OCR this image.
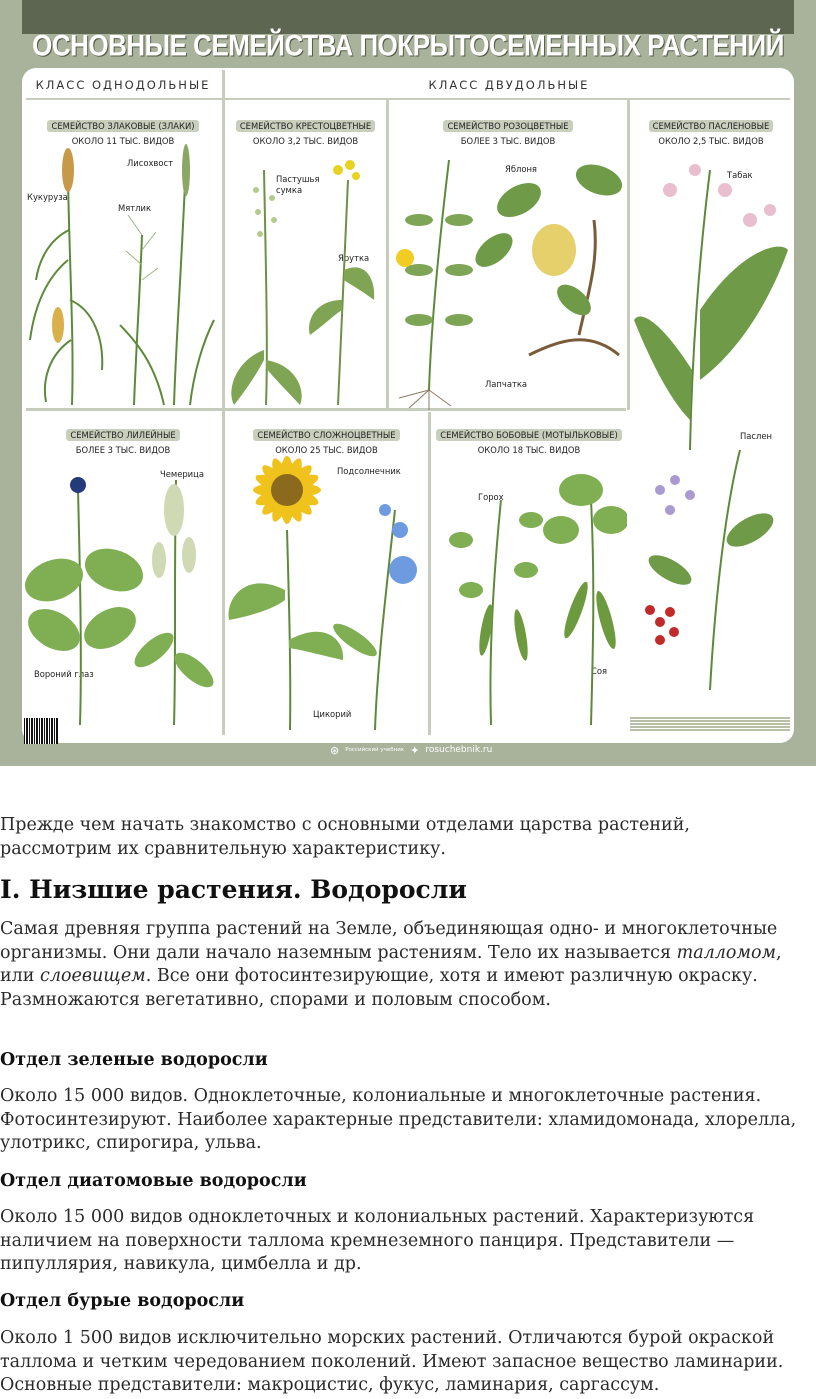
ОСНОВНЫЕ СЕМЕЙСТВА ПОКРЫТОСЕМЕННЫХ РАСТЕНИЙ
КЛАСС ОДНОДОЛЬНЫЕ	КЛАСС ДВУДОЛЬНЫЕ
СЕМЕЙСТВО ЗЛАКОВЫЕ (ЗЛАКИ)
ОКОЛО 11 ТЫС. ВИДОВ
СЕМЕЙСТВО КРЕСТОЦВЕТНЫЕ
ОКОЛО 3,2 ТЫС. ВИДОВ
СЕМЕЙСТВО РОЗОЦВЕТНЫЕ
БОЛЕЕ 3 ТЫС. ВИДОВ
СЕМЕЙСТВО ПАСЛЕНОВЫЕ
ОКОЛО 2,5 ТЫС. ВИДОВ
СЕМЕЙСТВО ЛИЛЕЙНЫЕ
БОЛЕЕ 3 ТЫС. ВИДОВ
СЕМЕЙСТВО СЛОЖНОЦВЕТНЫЕ
ОКОЛО 25 ТЫС. ВИДОВ
СЕМЕЙСТВО БОБОВЫЕ (МОТЫЛЬКОВЫЕ)
ОКОЛО 18 ТЫС. ВИДОВ
Кукуруза
Лисохвост
Мятлик
Пастушья
сумка
Ярутка
Яблоня
Лапчатка
Табак
Паслен
Чемерица
Вороний глаз
Подсолнечник
Цикорий
Горох
Соя
⊛ Российский учебник ✦ rosuchebnik.ru

Прежде чем начать знакомство с основными отделами царства растений, рассмотрим их сравнительную характеристику.

I. Низшие растения. Водоросли

Самая древняя группа растений на Земле, объединяющая одно- и многоклеточные организмы. Они дали начало наземным растениям. Тело их называется талломом, или слоевищем. Все они фотосинтезирующие, хотя и имеют различную окраску. Размножаются вегетативно, спорами и половым способом.

Отдел зеленые водоросли

Около 15 000 видов. Одноклеточные, колониальные и многоклеточные растения. Фотосинтезируют. Наиболее характерные представители: хламидомонада, хлорелла, улотрикс, спирогира, ульва.

Отдел диатомовые водоросли

Около 15 000 видов одноклеточных и колониальных растений. Характеризуются наличием на поверхности таллома кремнеземного панциря. Представители — пипуллярия, навикула, цимбелла и др.

Отдел бурые водоросли

Около 1 500 видов исключительно морских растений. Отличаются бурой окраской таллома и четким чередованием поколений. Имеют запасное вещество ламинарии. Основные представители: макроцистис, фукус, ламинария, саргассум.
